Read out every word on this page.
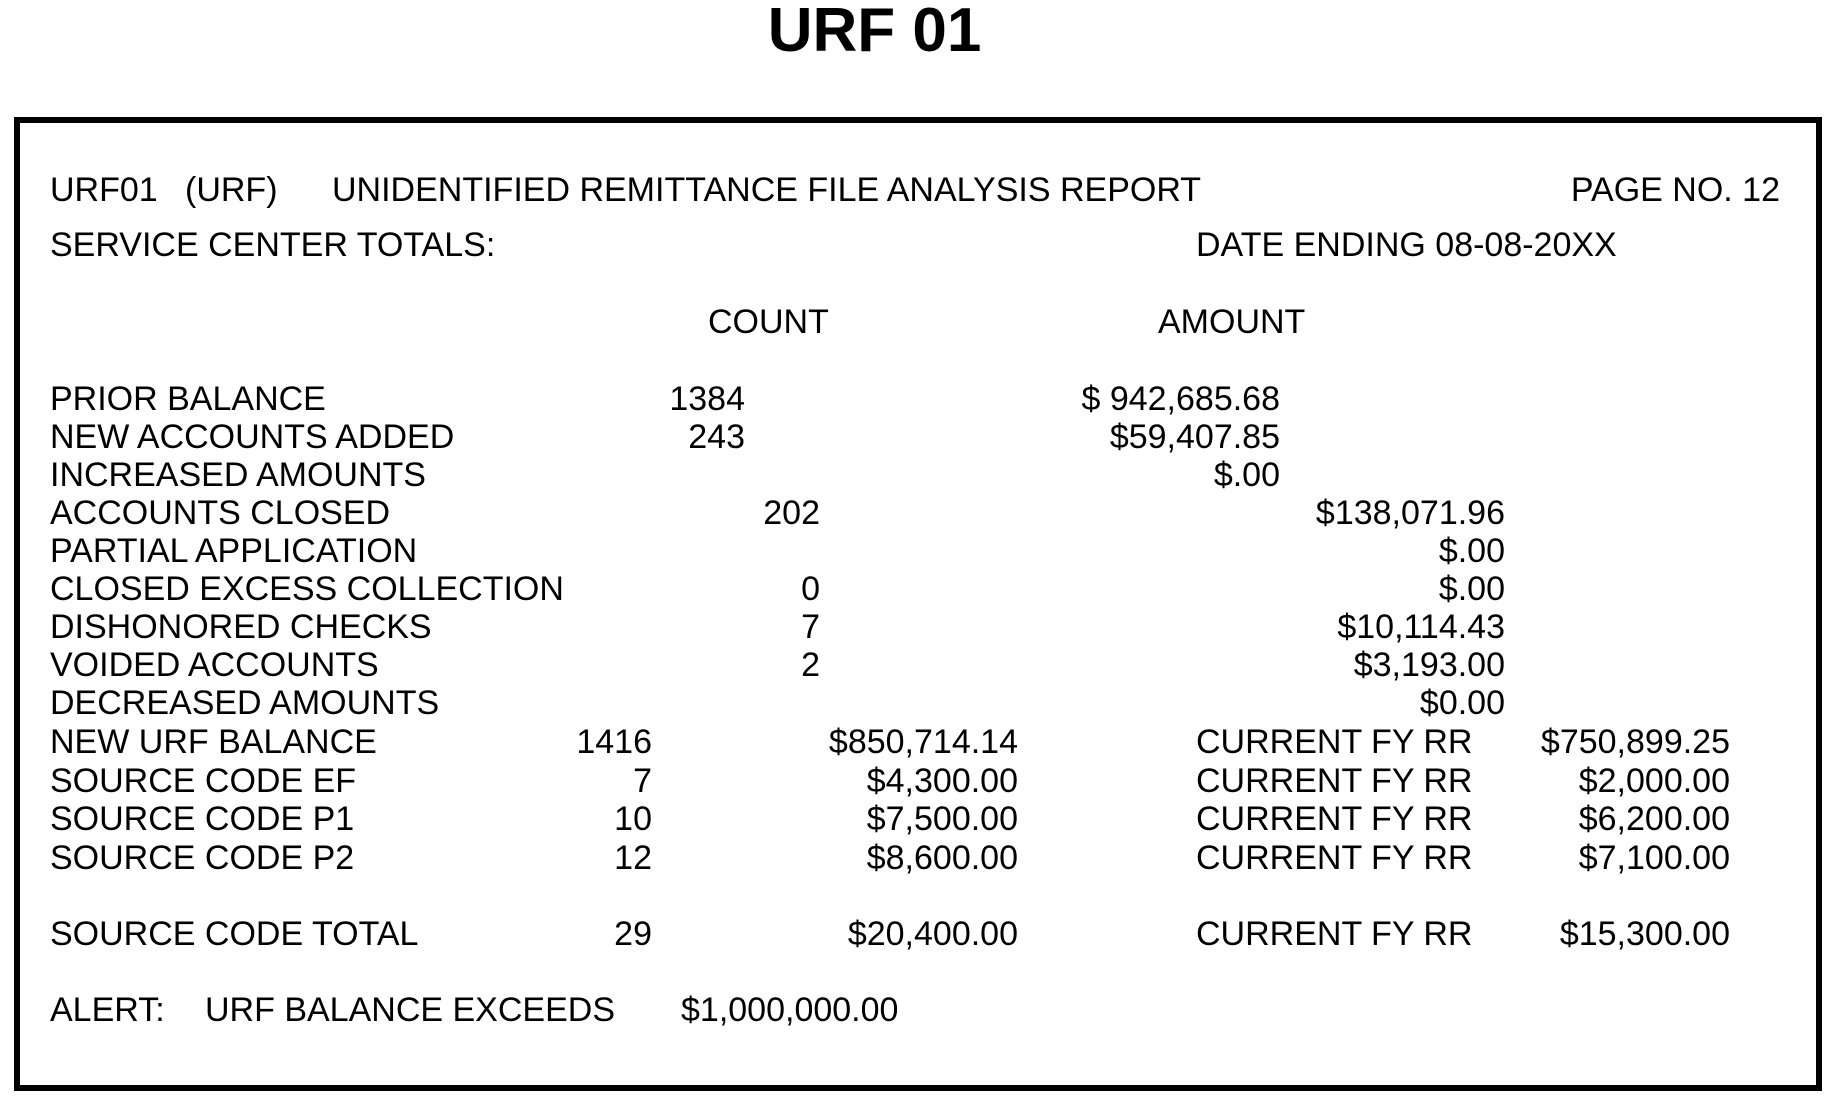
URF 01
URF01 (URF) UNIDENTIFIED REMITTANCE FILE ANALYSIS REPORT	PAGE NO. 12
SERVICE CENTER TOTALS:	DATE ENDING 08-08-20XX
COUNT	AMOUNT
PRIOR BALANCE	1384	$ 942,685.68
NEW ACCOUNTS ADDED	243	$59,407.85
INCREASED AMOUNTS	$.00
ACCOUNTS CLOSED	202	$138,071.96
PARTIAL APPLICATION	$.00
CLOSED EXCESS COLLECTION	0	$.00
DISHONORED CHECKS	7	$10,114.43
VOIDED ACCOUNTS	2	$3,193.00
DECREASED AMOUNTS	$0.00
NEW URF BALANCE	1416	$850,714.14	CURRENT FY RR	$750,899.25
SOURCE CODE EF	7	$4,300.00	CURRENT FY RR	$2,000.00
SOURCE CODE P1	10	$7,500.00	CURRENT FY RR	$6,200.00
SOURCE CODE P2	12	$8,600.00	CURRENT FY RR	$7,100.00
SOURCE CODE TOTAL	29	$20,400.00	CURRENT FY RR	$15,300.00
ALERT: URF BALANCE EXCEEDS $1,000,000.00
